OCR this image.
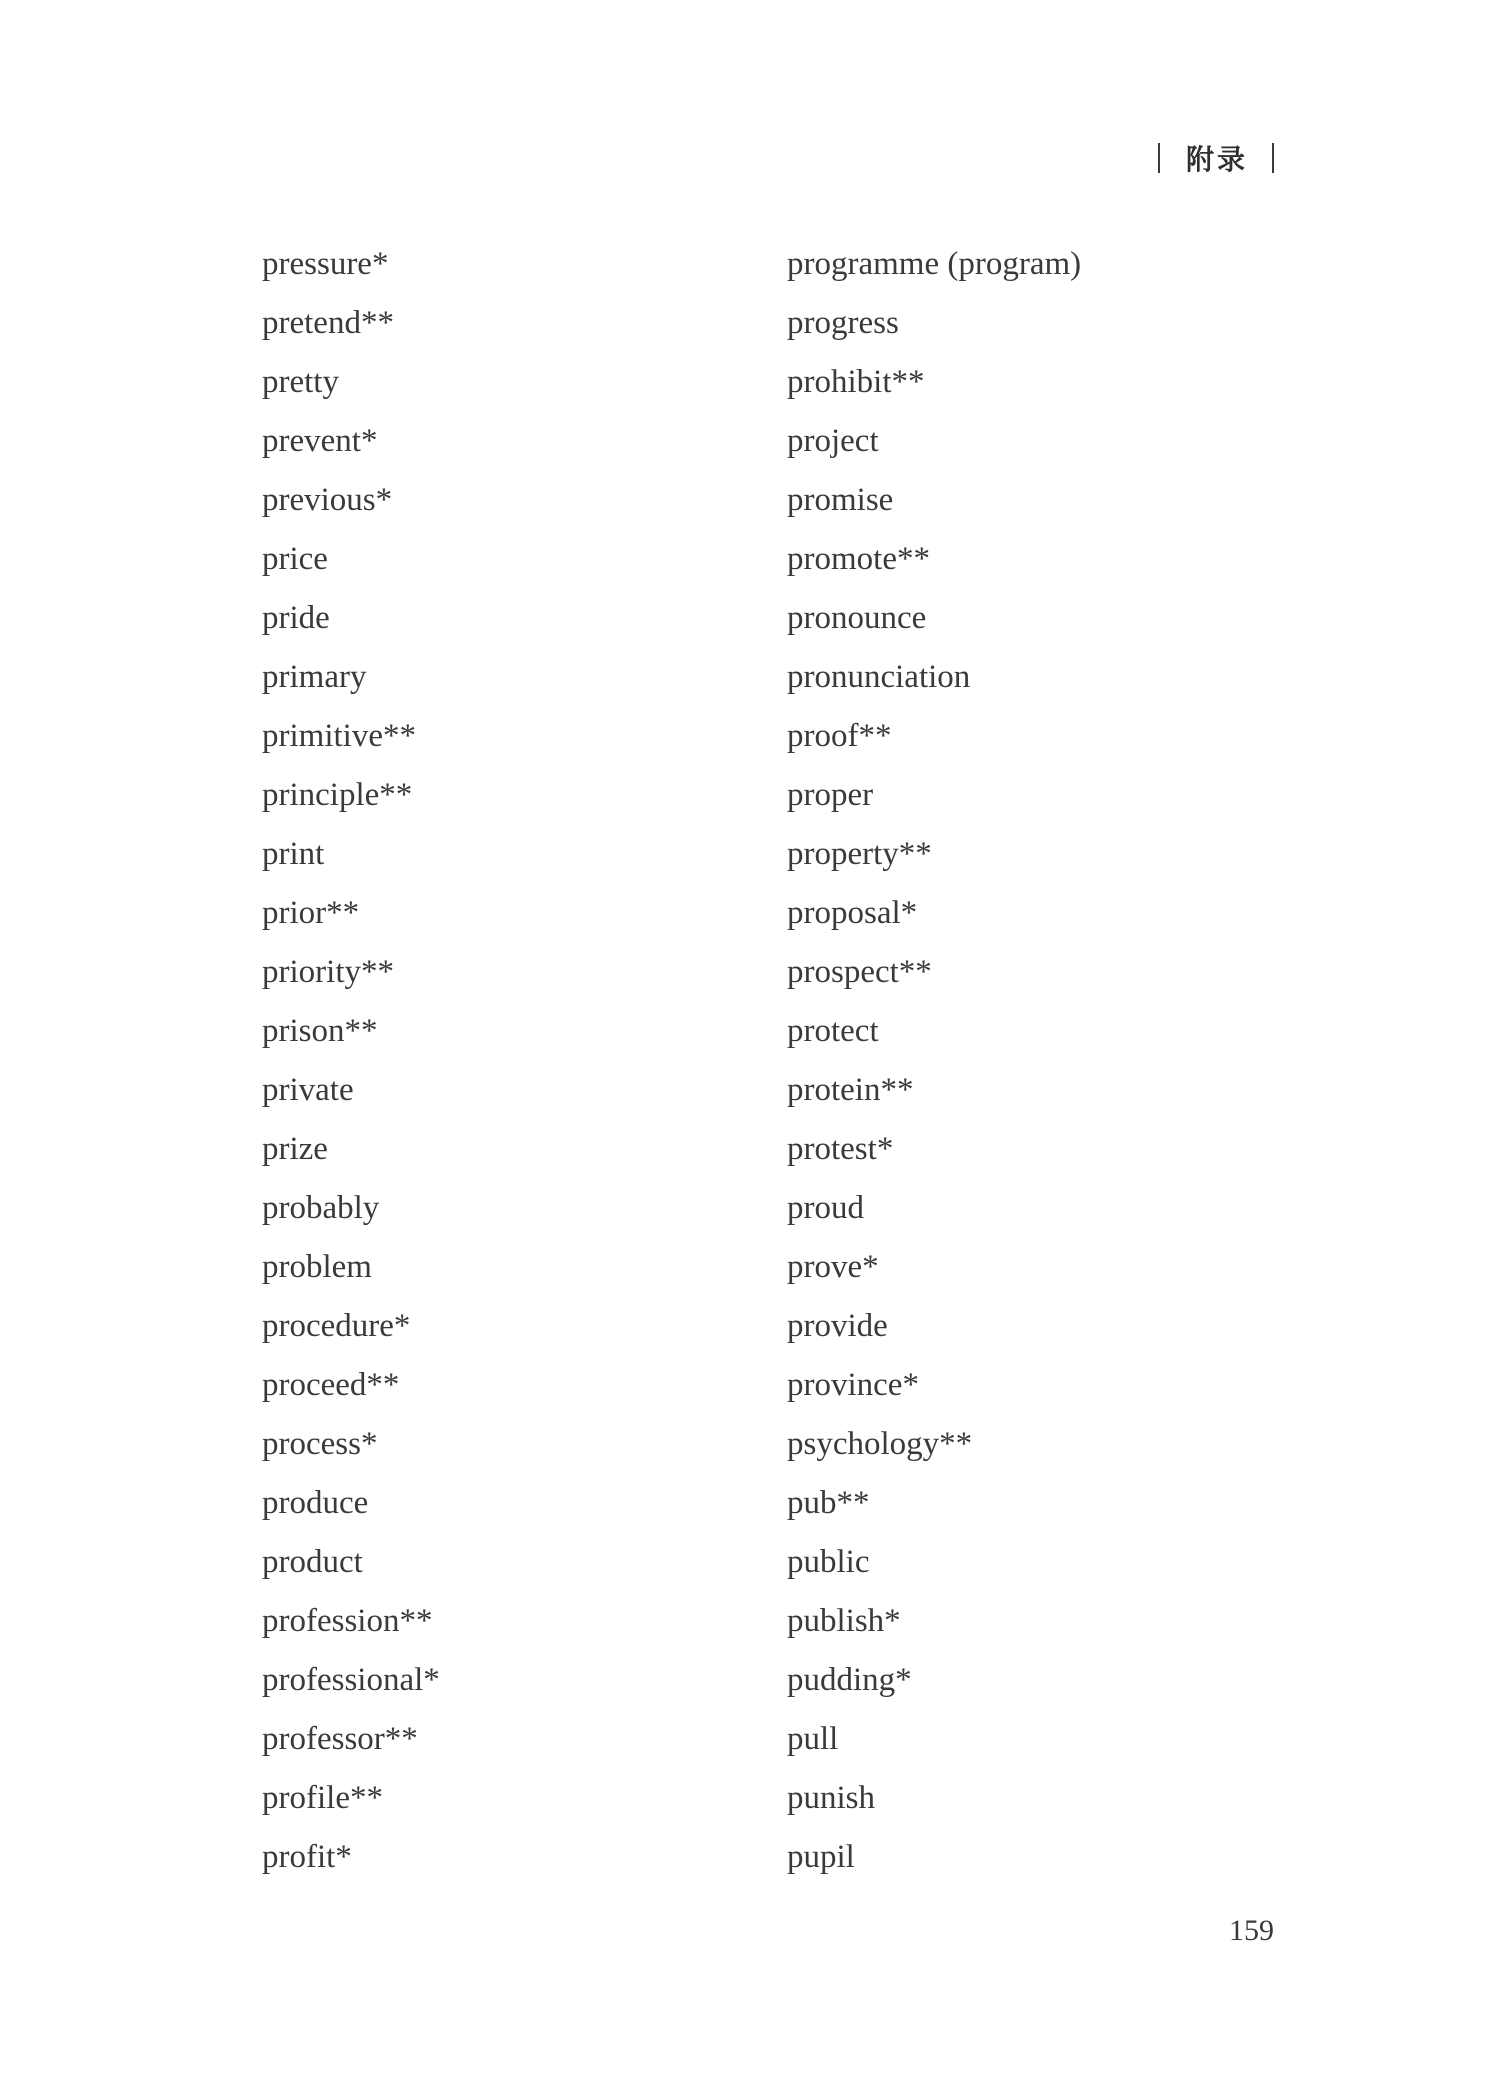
附录
pressure*
pretend**
pretty
prevent*
previous*
price
pride
primary
primitive**
principle**
print
prior**
priority**
prison**
private
prize
probably
problem
procedure*
proceed**
process*
produce
product
profession**
professional*
professor**
profile**
profit*
programme (program)
progress
prohibit**
project
promise
promote**
pronounce
pronunciation
proof**
proper
property**
proposal*
prospect**
protect
protein**
protest*
proud
prove*
provide
province*
psychology**
pub**
public
publish*
pudding*
pull
punish
pupil
159
